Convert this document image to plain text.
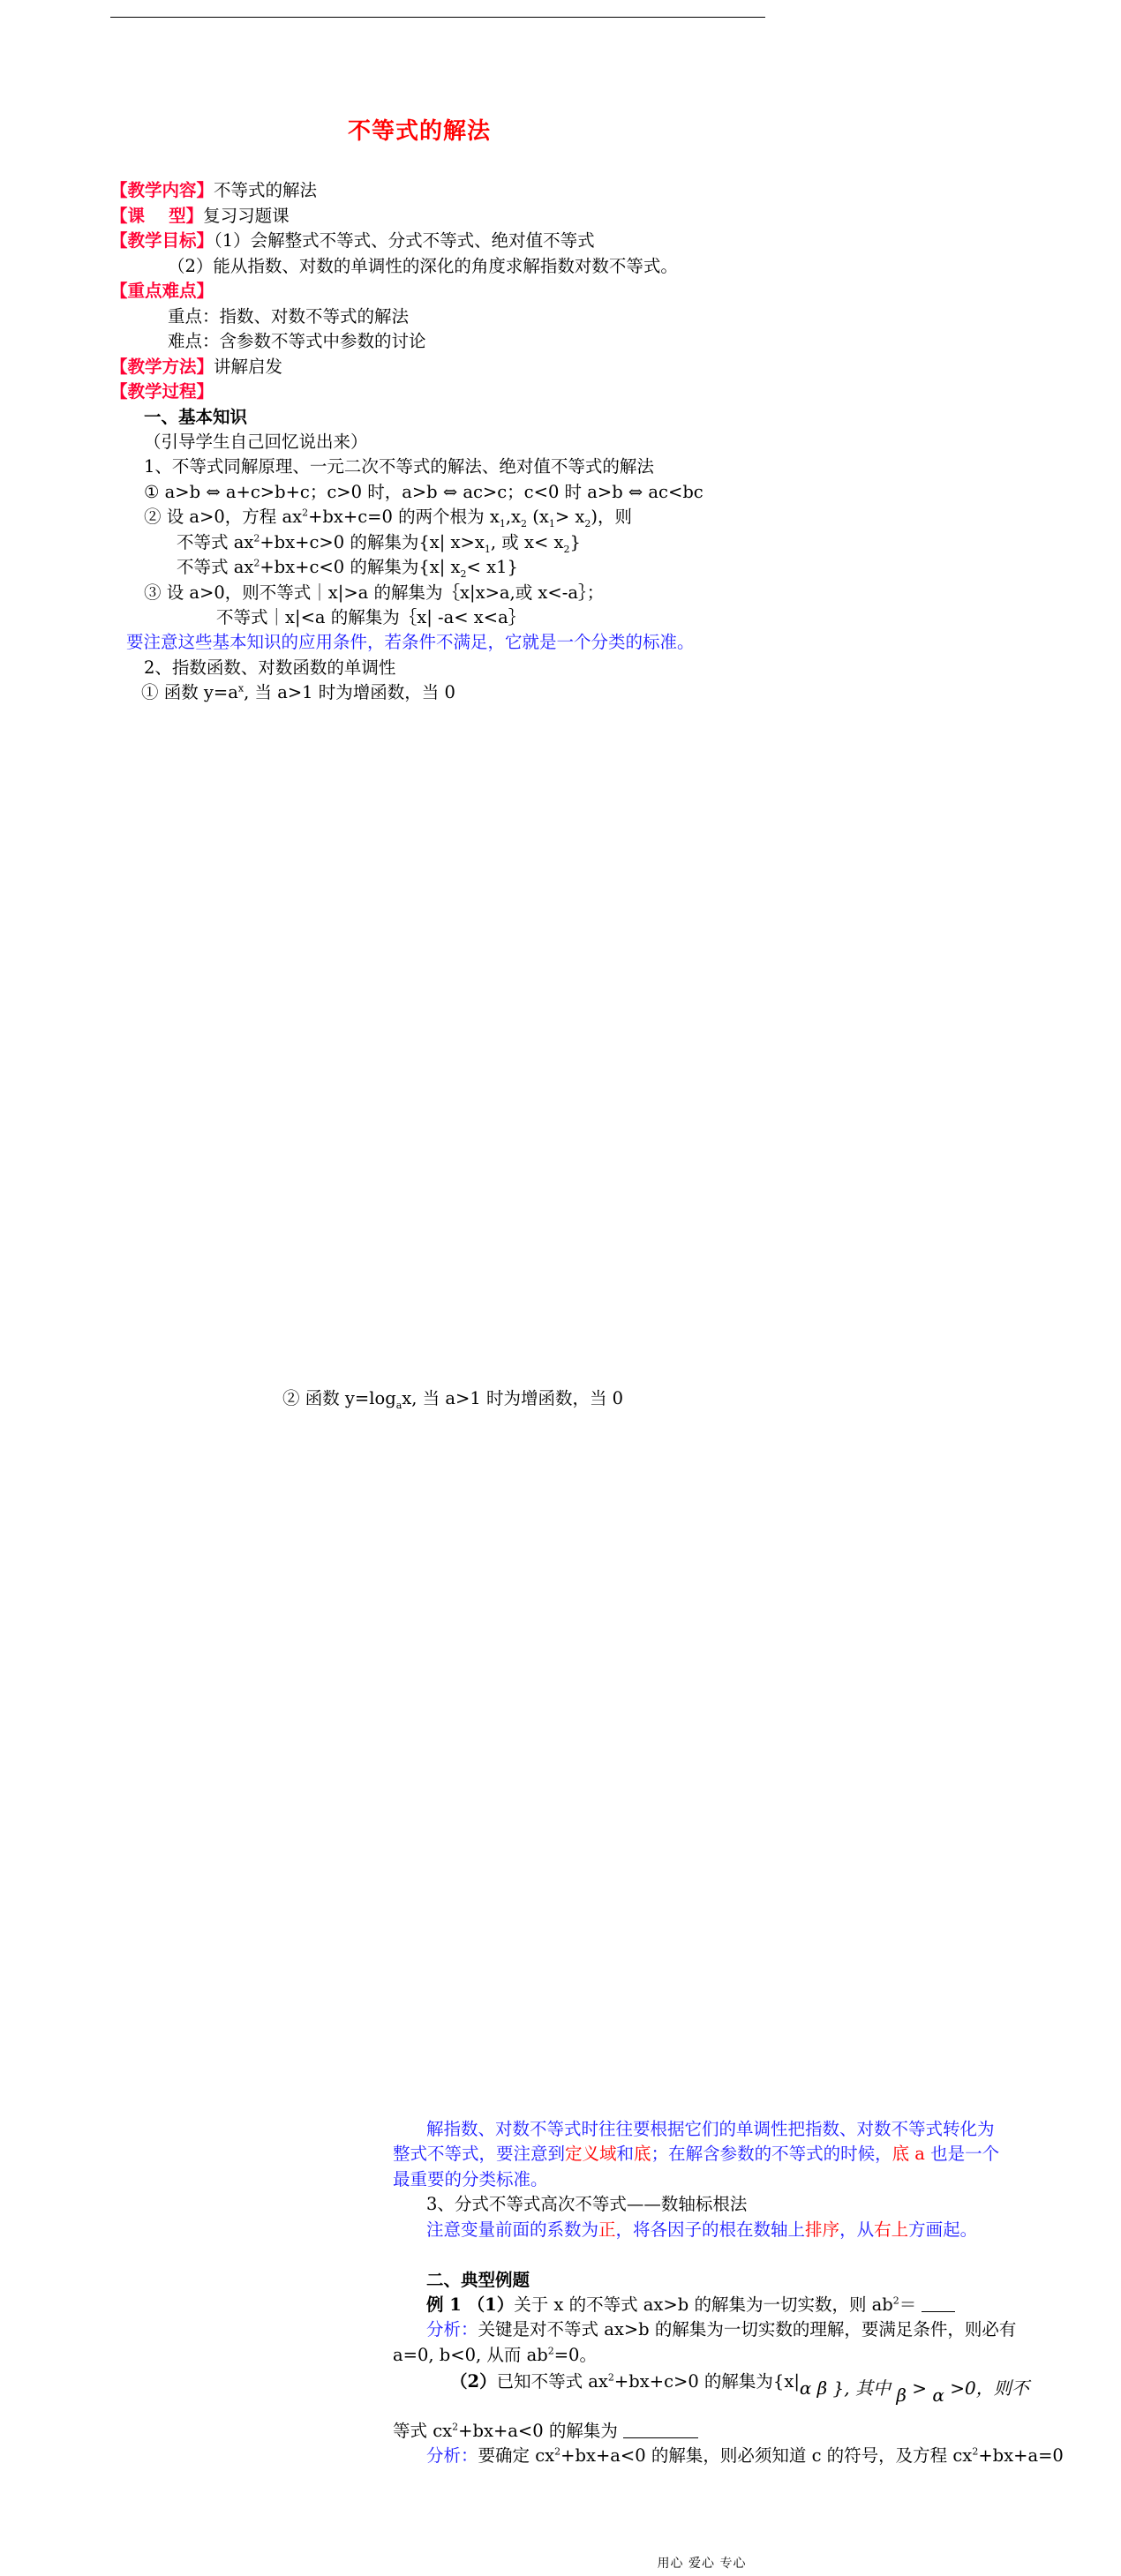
不等式的解法
【教学内容】不等式的解法
【课    型】复习习题课
【教学目标】（1）会解整式不等式、分式不等式、绝对值不等式
（2）能从指数、对数的单调性的深化的角度求解指数对数不等式。
【重点难点】
重点：指数、对数不等式的解法
难点：含参数不等式中参数的讨论
【教学方法】讲解启发
【教学过程】
一、基本知识
（引导学生自己回忆说出来）
1、不等式同解原理、一元二次不等式的解法、绝对值不等式的解法
① a>b ⇔ a+c>b+c；c>0 时，a>b ⇔ ac>c；c<0 时 a>b ⇔ ac<bc
② 设 a>0，方程 $ax^2+bx+c=0$ 的两个根为 $x_1,x_2$ $(x_1> x_2)$，则
不等式 $ax^2+bx+c>0$ 的解集为{x| $x>x_1$, 或 $x< x_2$}
不等式 $ax^2+bx+c<0$ 的解集为{x| $x_2< x1$}
③ 设 a>0，则不等式｜x|>a 的解集为｛x|x>a,或 x<-a｝；
不等式｜x|<a 的解集为｛x| -a< x<a｝
要注意这些基本知识的应用条件，若条件不满足，它就是一个分类的标准。
2、指数函数、对数函数的单调性
① 函数 $y=a^x$, 当 a>1 时为增函数，当 0
② 函数 $y=\log_ax$, 当 a>1 时为增函数，当 0
解指数、对数不等式时往往要根据它们的单调性把指数、对数不等式转化为
整式不等式，要注意到定义域和底；在解含参数的不等式的时候，底 a 也是一个
最重要的分类标准。
3、分式不等式高次不等式——数轴标根法
注意变量前面的系数为正，将各因子的根在数轴上排序，从右上方画起。
二、典型例题
例 1 （1）关于 x 的不等式 ax>b 的解集为一切实数，则 $ab^2=$
分析：关键是对不等式 ax>b 的解集为一切实数的理解，要满足条件，则必有
a=0, b<0, 从而 $ab^2=0$。
（2）已知不等式 $ax^2+bx+c>0$ 的解集为{x|α β }, 其中 β > α >0，则不
等式 $cx^2+bx+a<0$ 的解集为
分析：要确定 $cx^2+bx+a<0$ 的解集，则必须知道 c 的符号，及方程 $cx^2+bx+a=0$
用心 爱心 专心
